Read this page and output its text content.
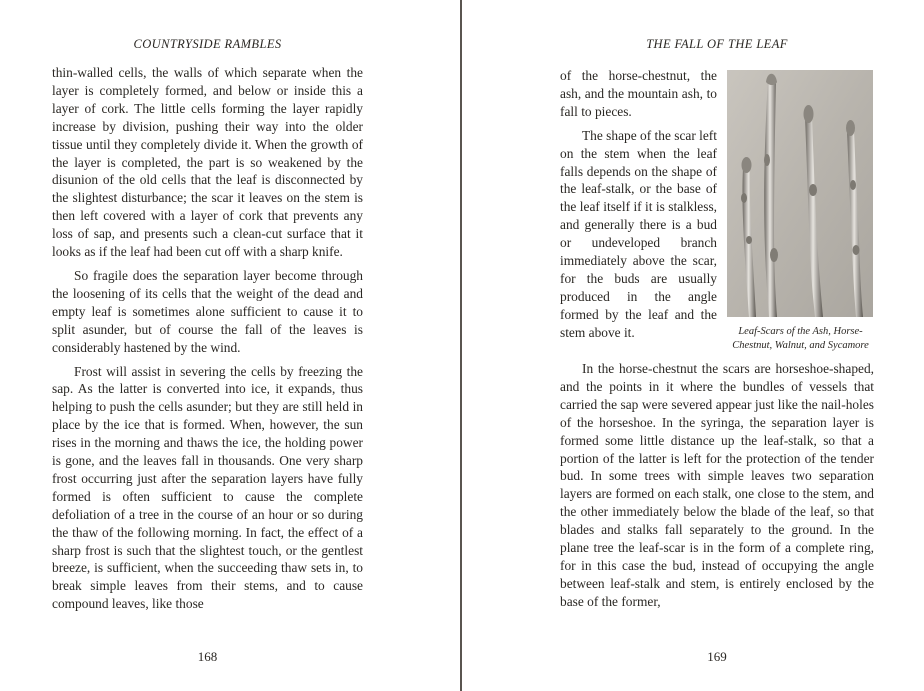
COUNTRYSIDE RAMBLES

thin-walled cells, the walls of which separate when the layer is completely formed, and below or inside this a layer of cork. The little cells forming the layer rapidly increase by division, pushing their way into the older tissue until they completely divide it. When the growth of the layer is completed, the part is so weakened by the disunion of the old cells that the leaf is disconnected by the slightest disturbance; the scar it leaves on the stem is then left covered with a layer of cork that prevents any loss of sap, and presents such a clean-cut surface that it looks as if the leaf had been cut off with a sharp knife.

So fragile does the separation layer become through the loosening of its cells that the weight of the dead and empty leaf is sometimes alone sufficient to cause it to split asunder, but of course the fall of the leaves is considerably hastened by the wind.

Frost will assist in severing the cells by freezing the sap. As the latter is converted into ice, it expands, thus helping to push the cells asunder; but they are still held in place by the ice that is formed. When, however, the sun rises in the morning and thaws the ice, the holding power is gone, and the leaves fall in thousands. One very sharp frost occurring just after the separation layers have fully formed is often sufficient to cause the complete defoliation of a tree in the course of an hour or so during the thaw of the following morning. In fact, the effect of a sharp frost is such that the slightest touch, or the gentlest breeze, is sufficient, when the succeeding thaw sets in, to break simple leaves from their stems, and to cause compound leaves, like those

168
THE FALL OF THE LEAF
Leaf-Scars of the Ash, Horse-Chestnut, Walnut, and Sycamore

of the horse-chestnut, the ash, and the mountain ash, to fall to pieces.

The shape of the scar left on the stem when the leaf falls depends on the shape of the leaf-stalk, or the base of the leaf itself if it is stalkless, and generally there is a bud or undeveloped branch immediately above the scar, for the buds are usually produced in the angle formed by the leaf and the stem above it.

In the horse-chestnut the scars are horseshoe-shaped, and the points in it where the bundles of vessels that carried the sap were severed appear just like the nail-holes of the horseshoe. In the syringa, the separation layer is formed some little distance up the leaf-stalk, so that a portion of the latter is left for the protection of the tender bud. In some trees with simple leaves two separation layers are formed on each stalk, one close to the stem, and the other immediately below the blade of the leaf, so that blades and stalks fall separately to the ground. In the plane tree the leaf-scar is in the form of a complete ring, for in this case the bud, instead of occupying the angle between leaf-stalk and stem, is entirely enclosed by the base of the former,

169
